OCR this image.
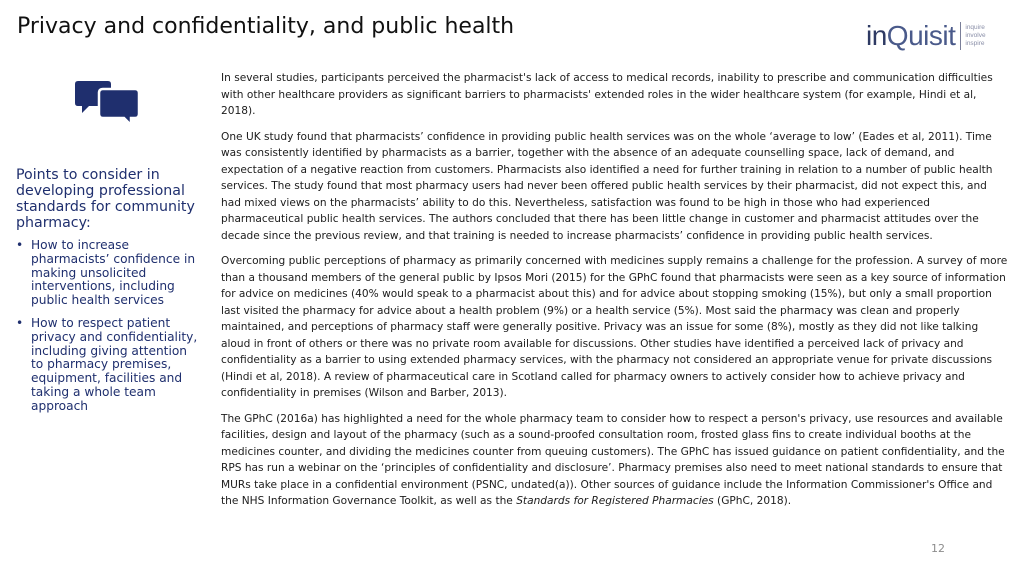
Privacy and confidentiality, and public health	inQuisit inquire
involve
inspire
Points to consider in developing professional standards for community pharmacy:
• How to increase pharmacists’ confidence in making unsolicited interventions, including public health services
• How to respect patient privacy and confidentiality, including giving attention to pharmacy premises, equipment, facilities and taking a whole team approach

In several studies, participants perceived the pharmacist's lack of access to medical records, inability to prescribe and communication difficulties with other healthcare providers as significant barriers to pharmacists' extended roles in the wider healthcare system (for example, Hindi et al, 2018).

One UK study found that pharmacists’ confidence in providing public health services was on the whole ‘average to low’ (Eades et al, 2011). Time was consistently identified by pharmacists as a barrier, together with the absence of an adequate counselling space, lack of demand, and expectation of a negative reaction from customers. Pharmacists also identified a need for further training in relation to a number of public health services. The study found that most pharmacy users had never been offered public health services by their pharmacist, did not expect this, and had mixed views on the pharmacists’ ability to do this. Nevertheless, satisfaction was found to be high in those who had experienced pharmaceutical public health services. The authors concluded that there has been little change in customer and pharmacist attitudes over the decade since the previous review, and that training is needed to increase pharmacists’ confidence in providing public health services.

Overcoming public perceptions of pharmacy as primarily concerned with medicines supply remains a challenge for the profession. A survey of more than a thousand members of the general public by Ipsos Mori (2015) for the GPhC found that pharmacists were seen as a key source of information for advice on medicines (40% would speak to a pharmacist about this) and for advice about stopping smoking (15%), but only a small proportion last visited the pharmacy for advice about a health problem (9%) or a health service (5%). Most said the pharmacy was clean and properly maintained, and perceptions of pharmacy staff were generally positive. Privacy was an issue for some (8%), mostly as they did not like talking aloud in front of others or there was no private room available for discussions. Other studies have identified a perceived lack of privacy and confidentiality as a barrier to using extended pharmacy services, with the pharmacy not considered an appropriate venue for private discussions (Hindi et al, 2018). A review of pharmaceutical care in Scotland called for pharmacy owners to actively consider how to achieve privacy and confidentiality in premises (Wilson and Barber, 2013).

The GPhC (2016a) has highlighted a need for the whole pharmacy team to consider how to respect a person's privacy, use resources and available facilities, design and layout of the pharmacy (such as a sound-proofed consultation room, frosted glass fins to create individual booths at the medicines counter, and dividing the medicines counter from queuing customers). The GPhC has issued guidance on patient confidentiality, and the RPS has run a webinar on the ‘principles of confidentiality and disclosure’. Pharmacy premises also need to meet national standards to ensure that MURs take place in a confidential environment (PSNC, undated(a)). Other sources of guidance include the Information Commissioner's Office and the NHS Information Governance Toolkit, as well as the Standards for Registered Pharmacies (GPhC, 2018).

12
